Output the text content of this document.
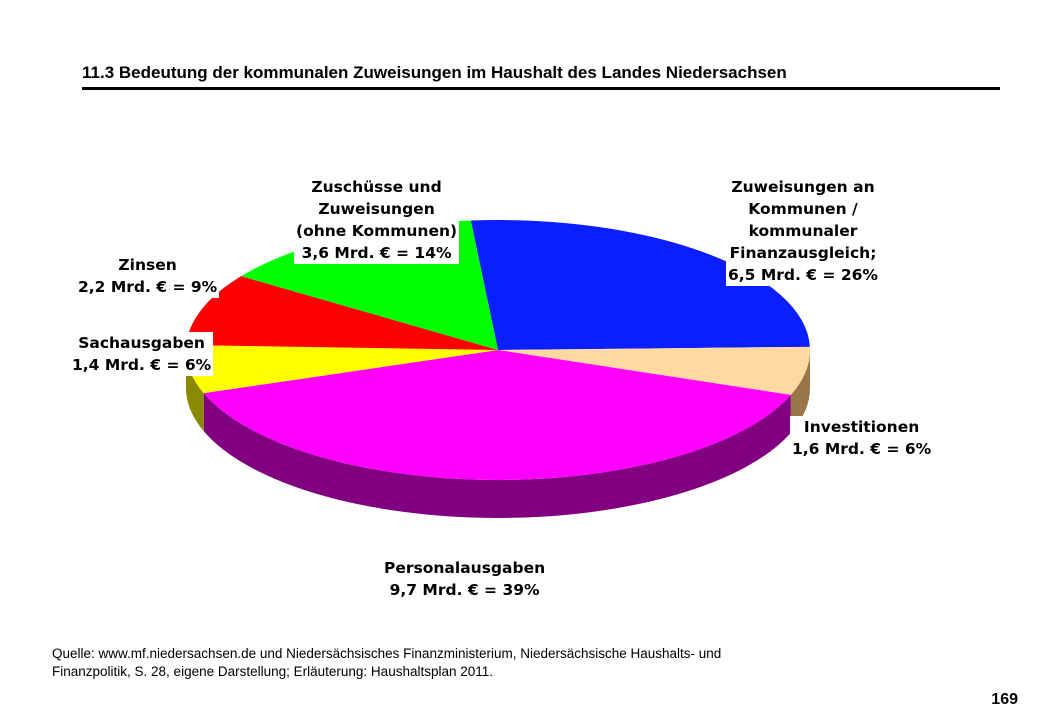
11.3 Bedeutung der kommunalen Zuweisungen im Haushalt des Landes Niedersachsen
Zuweisungen an
Kommunen /
kommunaler
Finanzausgleich;
6,5 Mrd. € = 26%
Investitionen
1,6 Mrd. € = 6%
Personalausgaben
9,7 Mrd. € = 39%
Sachausgaben
1,4 Mrd. € = 6%
Zinsen
2,2 Mrd. € = 9%
Zuschüsse und
Zuweisungen
(ohne Kommunen)
3,6 Mrd. € = 14%
Quelle: www.mf.niedersachsen.de und Niedersächsisches Finanzministerium, Niedersächsische Haushalts- und
Finanzpolitik, S. 28, eigene Darstellung; Erläuterung: Haushaltsplan 2011.
169
